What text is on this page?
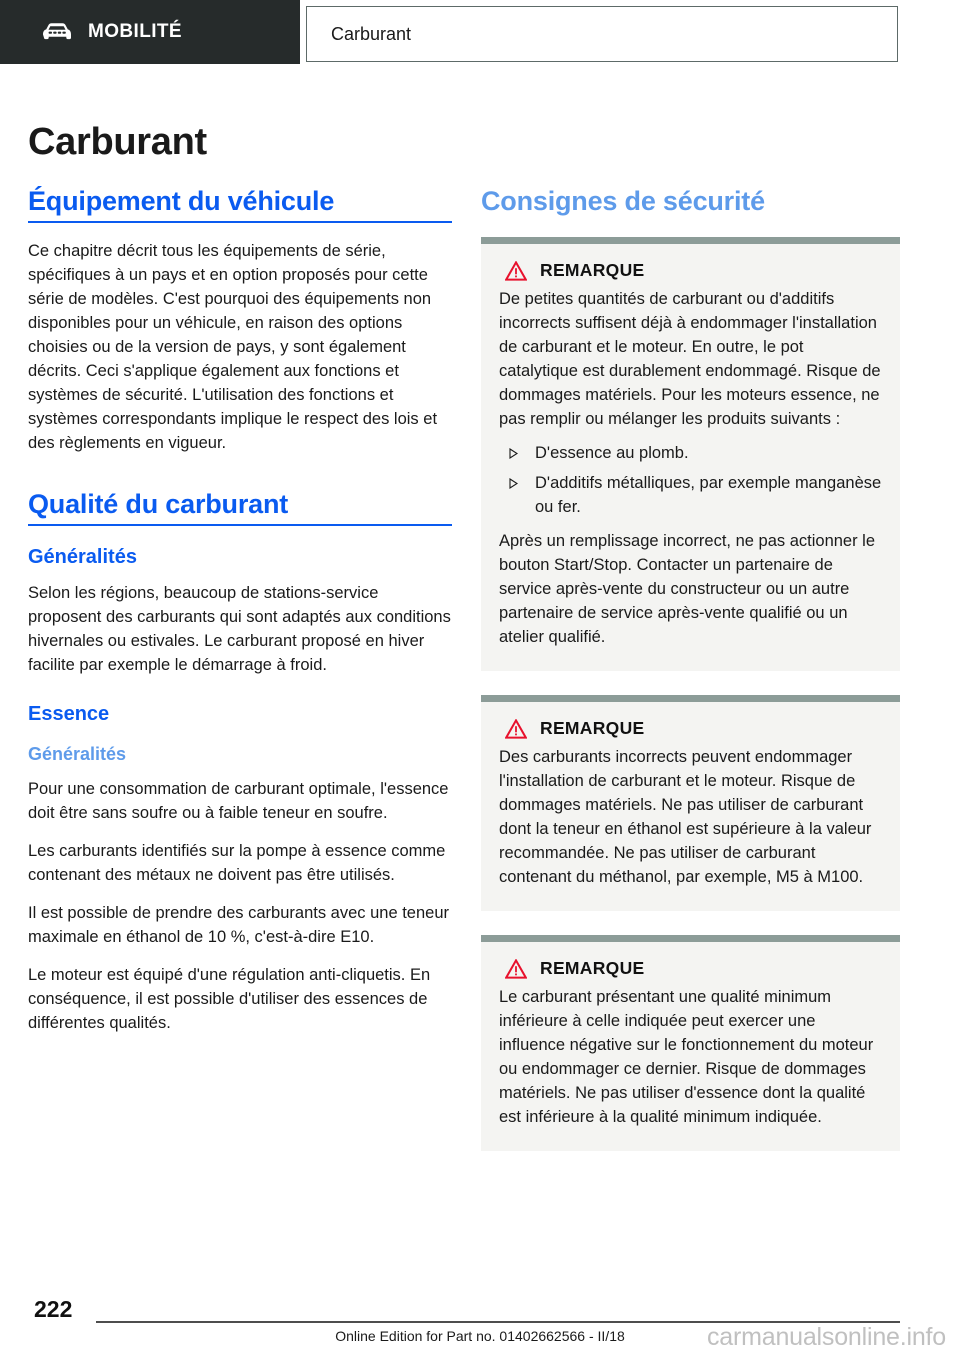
MOBILITÉ	Carburant
Carburant
Équipement du véhicule

Ce chapitre décrit tous les équipements de série, spécifiques à un pays et en option proposés pour cette série de modèles. C'est pourquoi des équipements non disponibles pour un véhicule, en raison des options choisies ou de la version de pays, y sont également décrits. Ceci s'applique également aux fonctions et systèmes de sécurité. L'utilisation des fonctions et systèmes correspondants implique le respect des lois et des règlements en vigueur.

Qualité du carburant
Généralités

Selon les régions, beaucoup de stations-service proposent des carburants qui sont adaptés aux conditions hivernales ou estivales. Le carburant proposé en hiver facilite par exemple le démarrage à froid.

Essence
Généralités

Pour une consommation de carburant optimale, l'essence doit être sans soufre ou à faible teneur en soufre.

Les carburants identifiés sur la pompe à essence comme contenant des métaux ne doivent pas être utilisés.

Il est possible de prendre des carburants avec une teneur maximale en éthanol de 10 %, c'est-à-dire E10.

Le moteur est équipé d'une régulation anti-cliquetis. En conséquence, il est possible d'utiliser des essences de différentes qualités.

Consignes de sécurité
REMARQUE
De petites quantités de carburant ou d'additifs incorrects suffisent déjà à endommager l'installation de carburant et le moteur. En outre, le pot catalytique est durablement endommagé. Risque de dommages matériels. Pour les moteurs essence, ne pas remplir ou mélanger les produits suivants :
D'essence au plomb.
D'additifs métalliques, par exemple manganèse ou fer.
Après un remplissage incorrect, ne pas actionner le bouton Start/Stop. Contacter un partenaire de service après-vente du constructeur ou un autre partenaire de service après-vente qualifié ou un atelier qualifié.
REMARQUE
Des carburants incorrects peuvent endommager l'installation de carburant et le moteur. Risque de dommages matériels. Ne pas utiliser de carburant dont la teneur en éthanol est supérieure à la valeur recommandée. Ne pas utiliser de carburant contenant du méthanol, par exemple, M5 à M100.
REMARQUE
Le carburant présentant une qualité minimum inférieure à celle indiquée peut exercer une influence négative sur le fonctionnement du moteur ou endommager ce dernier. Risque de dommages matériels. Ne pas utiliser d'essence dont la qualité est inférieure à la qualité minimum indiquée.
222
Online Edition for Part no. 01402662566 - II/18	carmanualsonline.info
